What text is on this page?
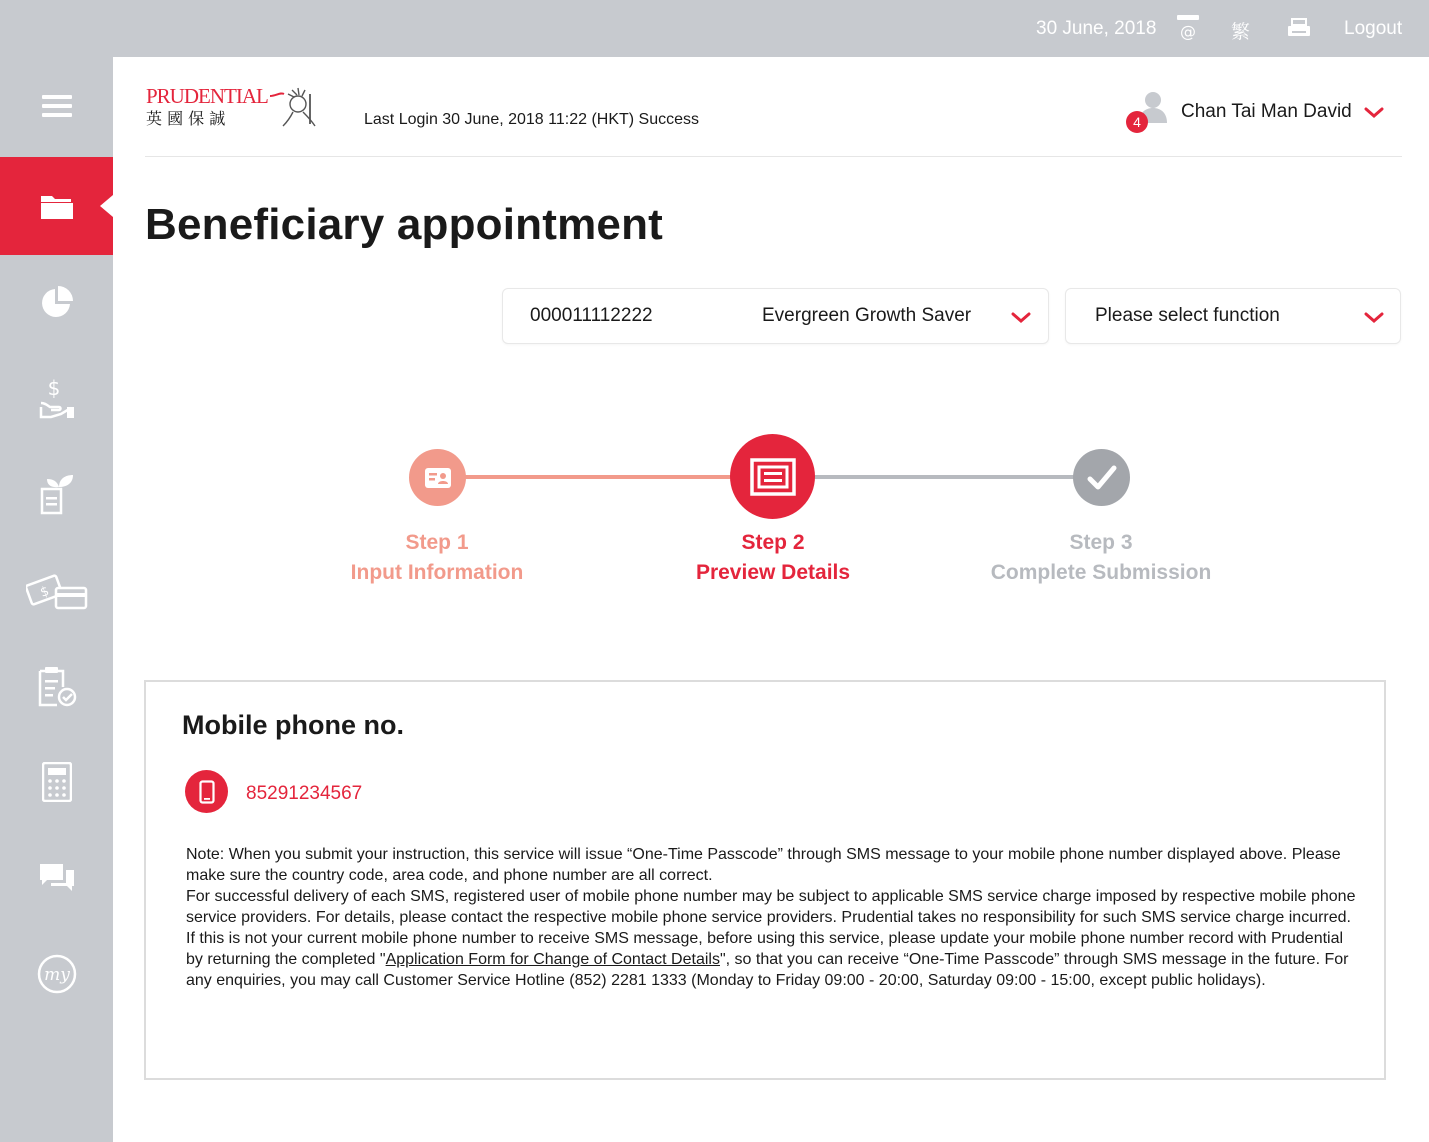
30 June, 2018 @ 繁	Logout
$
$
my
PRUDENTIAL
英 國 保 誠	Last Login 30 June, 2018 11:22 (HKT) Success	4	Chan Tai Man David
Beneficiary appointment
000011112222	Evergreen Growth Saver	Please select function
Step 1
Input Information
Step 2
Preview Details
Step 3
Complete Submission
Mobile phone no.
85291234567

Note: When you submit your instruction, this service will issue “One-Time Passcode” through SMS message to your mobile phone number displayed above. Please make sure the country code, area code, and phone number are all correct.

For successful delivery of each SMS, registered user of mobile phone number may be subject to applicable SMS service charge imposed by respective mobile phone service providers. For details, please contact the respective mobile phone service providers. Prudential takes no responsibility for such SMS service charge incurred.

If this is not your current mobile phone number to receive SMS message, before using this service, please update your mobile phone number record with Prudential by returning the completed "Application Form for Change of Contact Details", so that you can receive “One-Time Passcode” through SMS message in the future. For any enquiries, you may call Customer Service Hotline (852) 2281 1333 (Monday to Friday 09:00 - 20:00, Saturday 09:00 - 15:00, except public holidays).
